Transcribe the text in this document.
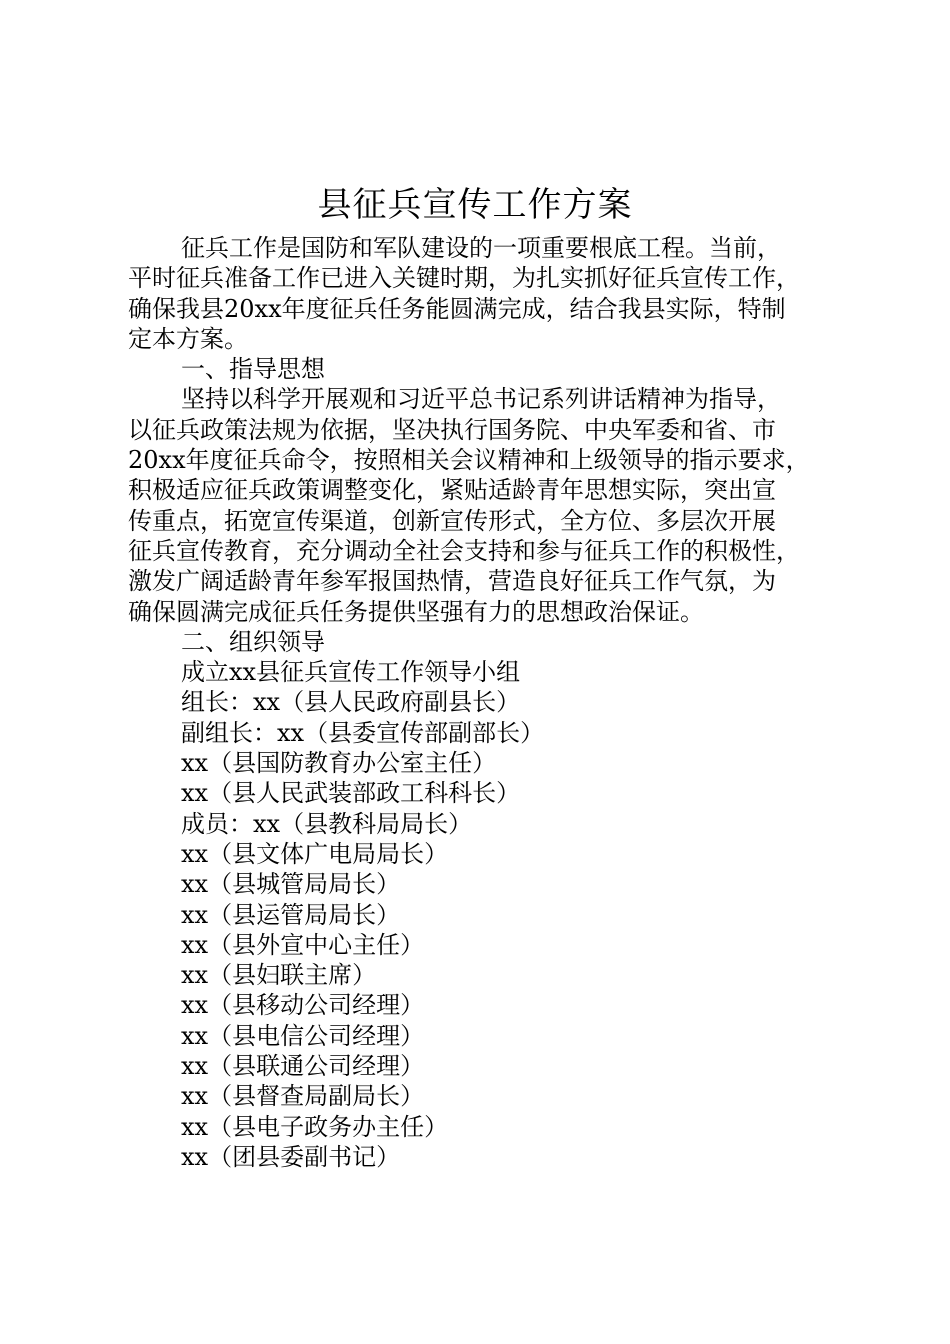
县征兵宣传工作方案
征兵工作是国防和军队建设的一项重要根底工程。当前，
平时征兵准备工作已进入关键时期，为扎实抓好征兵宣传工作，
确保我县20xx年度征兵任务能圆满完成，结合我县实际，特制
定本方案。
一、指导思想
坚持以科学开展观和习近平总书记系列讲话精神为指导，
以征兵政策法规为依据，坚决执行国务院、中央军委和省、市
20xx年度征兵命令，按照相关会议精神和上级领导的指示要求，
积极适应征兵政策调整变化，紧贴适龄青年思想实际，突出宣
传重点，拓宽宣传渠道，创新宣传形式，全方位、多层次开展
征兵宣传教育，充分调动全社会支持和参与征兵工作的积极性，
激发广阔适龄青年参军报国热情，营造良好征兵工作气氛，为
确保圆满完成征兵任务提供坚强有力的思想政治保证。
二、组织领导
成立xx县征兵宣传工作领导小组
组长：xx（县人民政府副县长）
副组长：xx（县委宣传部副部长）
xx（县国防教育办公室主任）
xx（县人民武装部政工科科长）
成员：xx（县教科局局长）
xx（县文体广电局局长）
xx（县城管局局长）
xx（县运管局局长）
xx（县外宣中心主任）
xx（县妇联主席）
xx（县移动公司经理）
xx（县电信公司经理）
xx（县联通公司经理）
xx（县督查局副局长）
xx（县电子政务办主任）
xx（团县委副书记）
